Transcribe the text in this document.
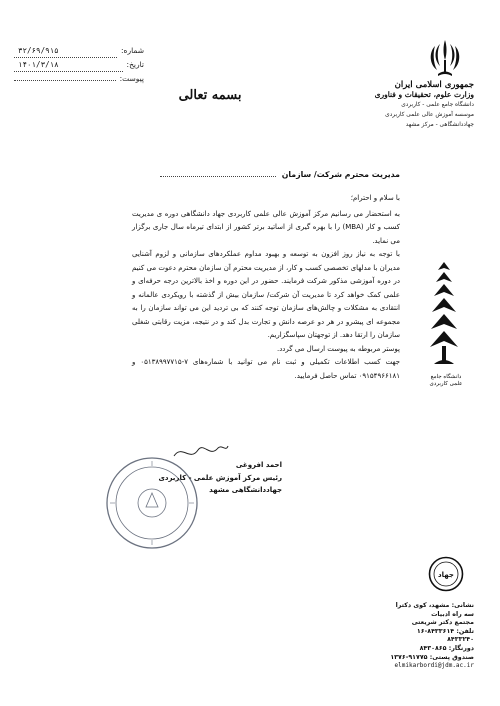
شماره:
۳۲/۶۹/۹۱۵
تاریخ:
۱۴۰۱/۳/۱۸
پیوست:
بسمه تعالی
جمهوری اسلامی ایران
وزارت علوم، تحقیقات و فناوری
دانشگاه جامع علمی - کاربردی
موسسه آموزش عالی علمی کاربردی
جهاددانشگاهی - مرکز مشهد
مدیریت محترم شرکت/ سازمان

با سلام و احترام؛

به استحضار می رسانیم مرکز آموزش عالی علمی کاربردی جهاد دانشگاهی دوره ی مدیریت کسب و کار (MBA) را با بهره گیری از اساتید برتر کشور از ابتدای تیرماه سال جاری برگزار می نماید.

با توجه به نیاز روز افزون به توسعه و بهبود مداوم عملکردهای سازمانی و لزوم آشنایی مدیران با مدلهای تخصصی کسب و کار، از مدیریت محترم آن سازمان محترم دعوت می کنیم در دوره آموزشی مذکور شرکت فرمایند. حضور در این دوره و اخذ بالاترین درجه حرفه‌ای و علمی کمک خواهد کرد تا مدیریت آن شرکت/ سازمان بیش از گذشته با رویکردی عالمانه و انتقادی به مشکلات و چالش‌های سازمان توجه کنند که بی تردید این می تواند سازمان را به مجموعه ای پیشرو در هر دو عرصه دانش و تجارت بدل کند و در نتیجه، مزیت رقابتی شغلی سازمان را ارتقا دهد. از توجهتان سپاسگزاریم.

پوستر مربوطه به پیوست ارسال می گردد.

جهت کسب اطلاعات تکمیلی و ثبت نام می توانید با شماره‌های ۷-۰۵۱۳۸۹۹۷۷۱۵ و ۰۹۱۵۴۹۶۶۱۸۱ تماس حاصل فرمایید.	دانشگاه جامع علمی کاربردی
احمد افروغی
رئیس مرکز آموزش علمی - کاربردی
جهاددانشگاهی مشهد
جهاد
نشانی: مشهد، کوی دکترا
سه راه ادبیات
مجتمع دکتر شریعتی
تلفن: ۸۴۳۳۶۱۴-۱۶
۸۴۳۳۲۴۰
دورنگار: ۸۴۳۰۸۶۵
صندوق پستی: ۹۱۷۷۵-۱۳۷۶
elmikarbordi@jdm.ac.ir
